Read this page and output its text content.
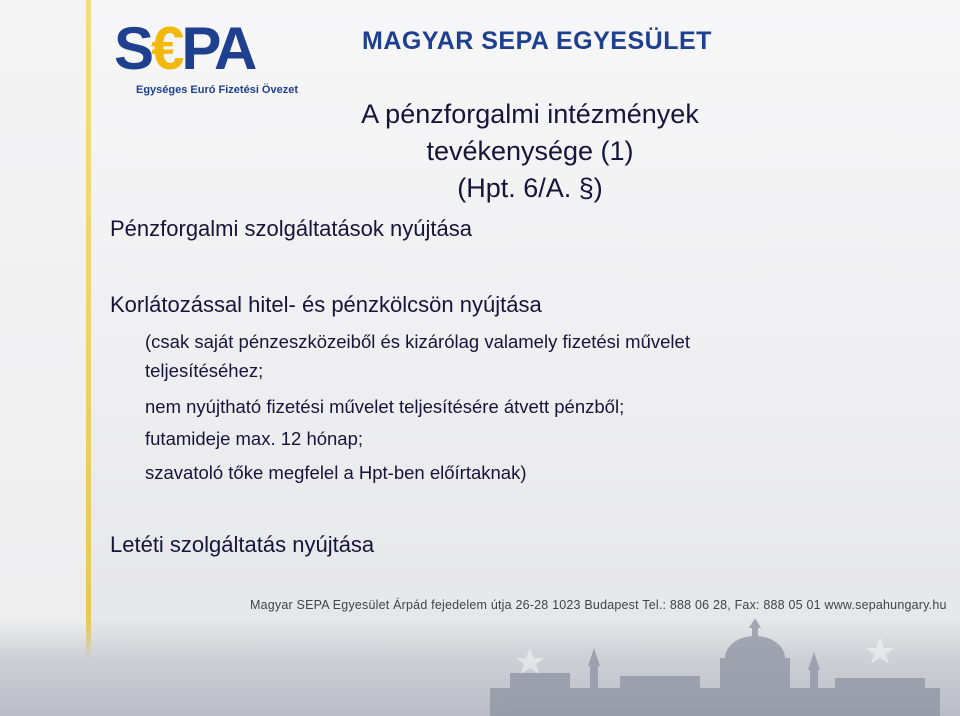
S€PA
Egységes Euró Fizetési Övezet
MAGYAR SEPA EGYESÜLET
A pénzforgalmi intézmények
tevékenysége (1)
(Hpt. 6/A. §)
Pénzforgalmi szolgáltatások nyújtása
Korlátozással hitel- és pénzkölcsön nyújtása
(csak saját pénzeszközeiből és kizárólag valamely fizetési művelet
teljesítéséhez;
nem nyújtható fizetési művelet teljesítésére átvett pénzből;
futamideje max. 12 hónap;
szavatoló tőke megfelel a Hpt-ben előírtaknak)
Letéti szolgáltatás nyújtása
Magyar SEPA Egyesület Árpád fejedelem útja 26-28 1023 Budapest Tel.: 888 06 28, Fax: 888 05 01 www.sepahungary.hu
